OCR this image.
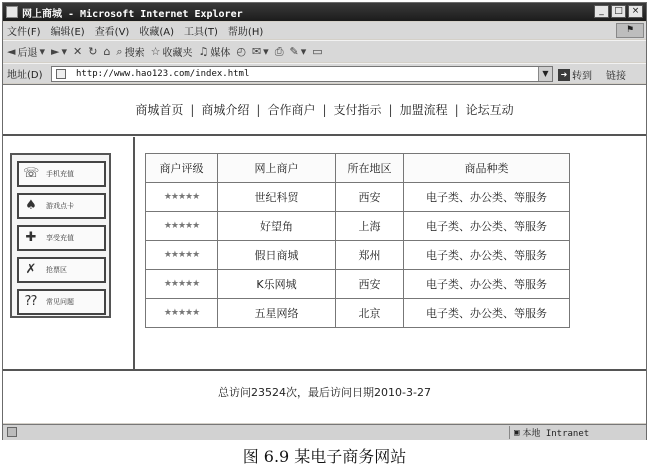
网上商城 - Microsoft Internet Explorer	_	□ ×
文件(F) 编辑(E) 查看(V) 收藏(A) 工具(T) 帮助(H)	⚑
◄ 后退 ▾ ► ▾ ✕ ↻ ⌂ ⌕ 搜索 ☆ 收藏夹 ♫ 媒体 ◴ ✉ ▾ ⎙ ✎ ▾ ▭
地址(D)	http://www.hao123.com/index.html	▼	➜ 转到 链接
商城首页 | 商城介绍 | 合作商户 | 支付指示 | 加盟流程 | 论坛互动
☏ 手机充值
♠	游戏点卡
✚	享受充值
✗	抢票区
⁇ 常见问题
商户评级	网上商户	所在地区	商品种类
★★★★★	世纪科贸	西安	电子类、办公类、等服务
★★★★★	好望角	上海	电子类、办公类、等服务
★★★★★	假日商城	郑州	电子类、办公类、等服务
★★★★★	K乐网城	西安	电子类、办公类、等服务
★★★★★	五星网络	北京	电子类、办公类、等服务
总访问23524次，最后访问日期2010-3-27
▣ 本地 Intranet
图 6.9 某电子商务网站
